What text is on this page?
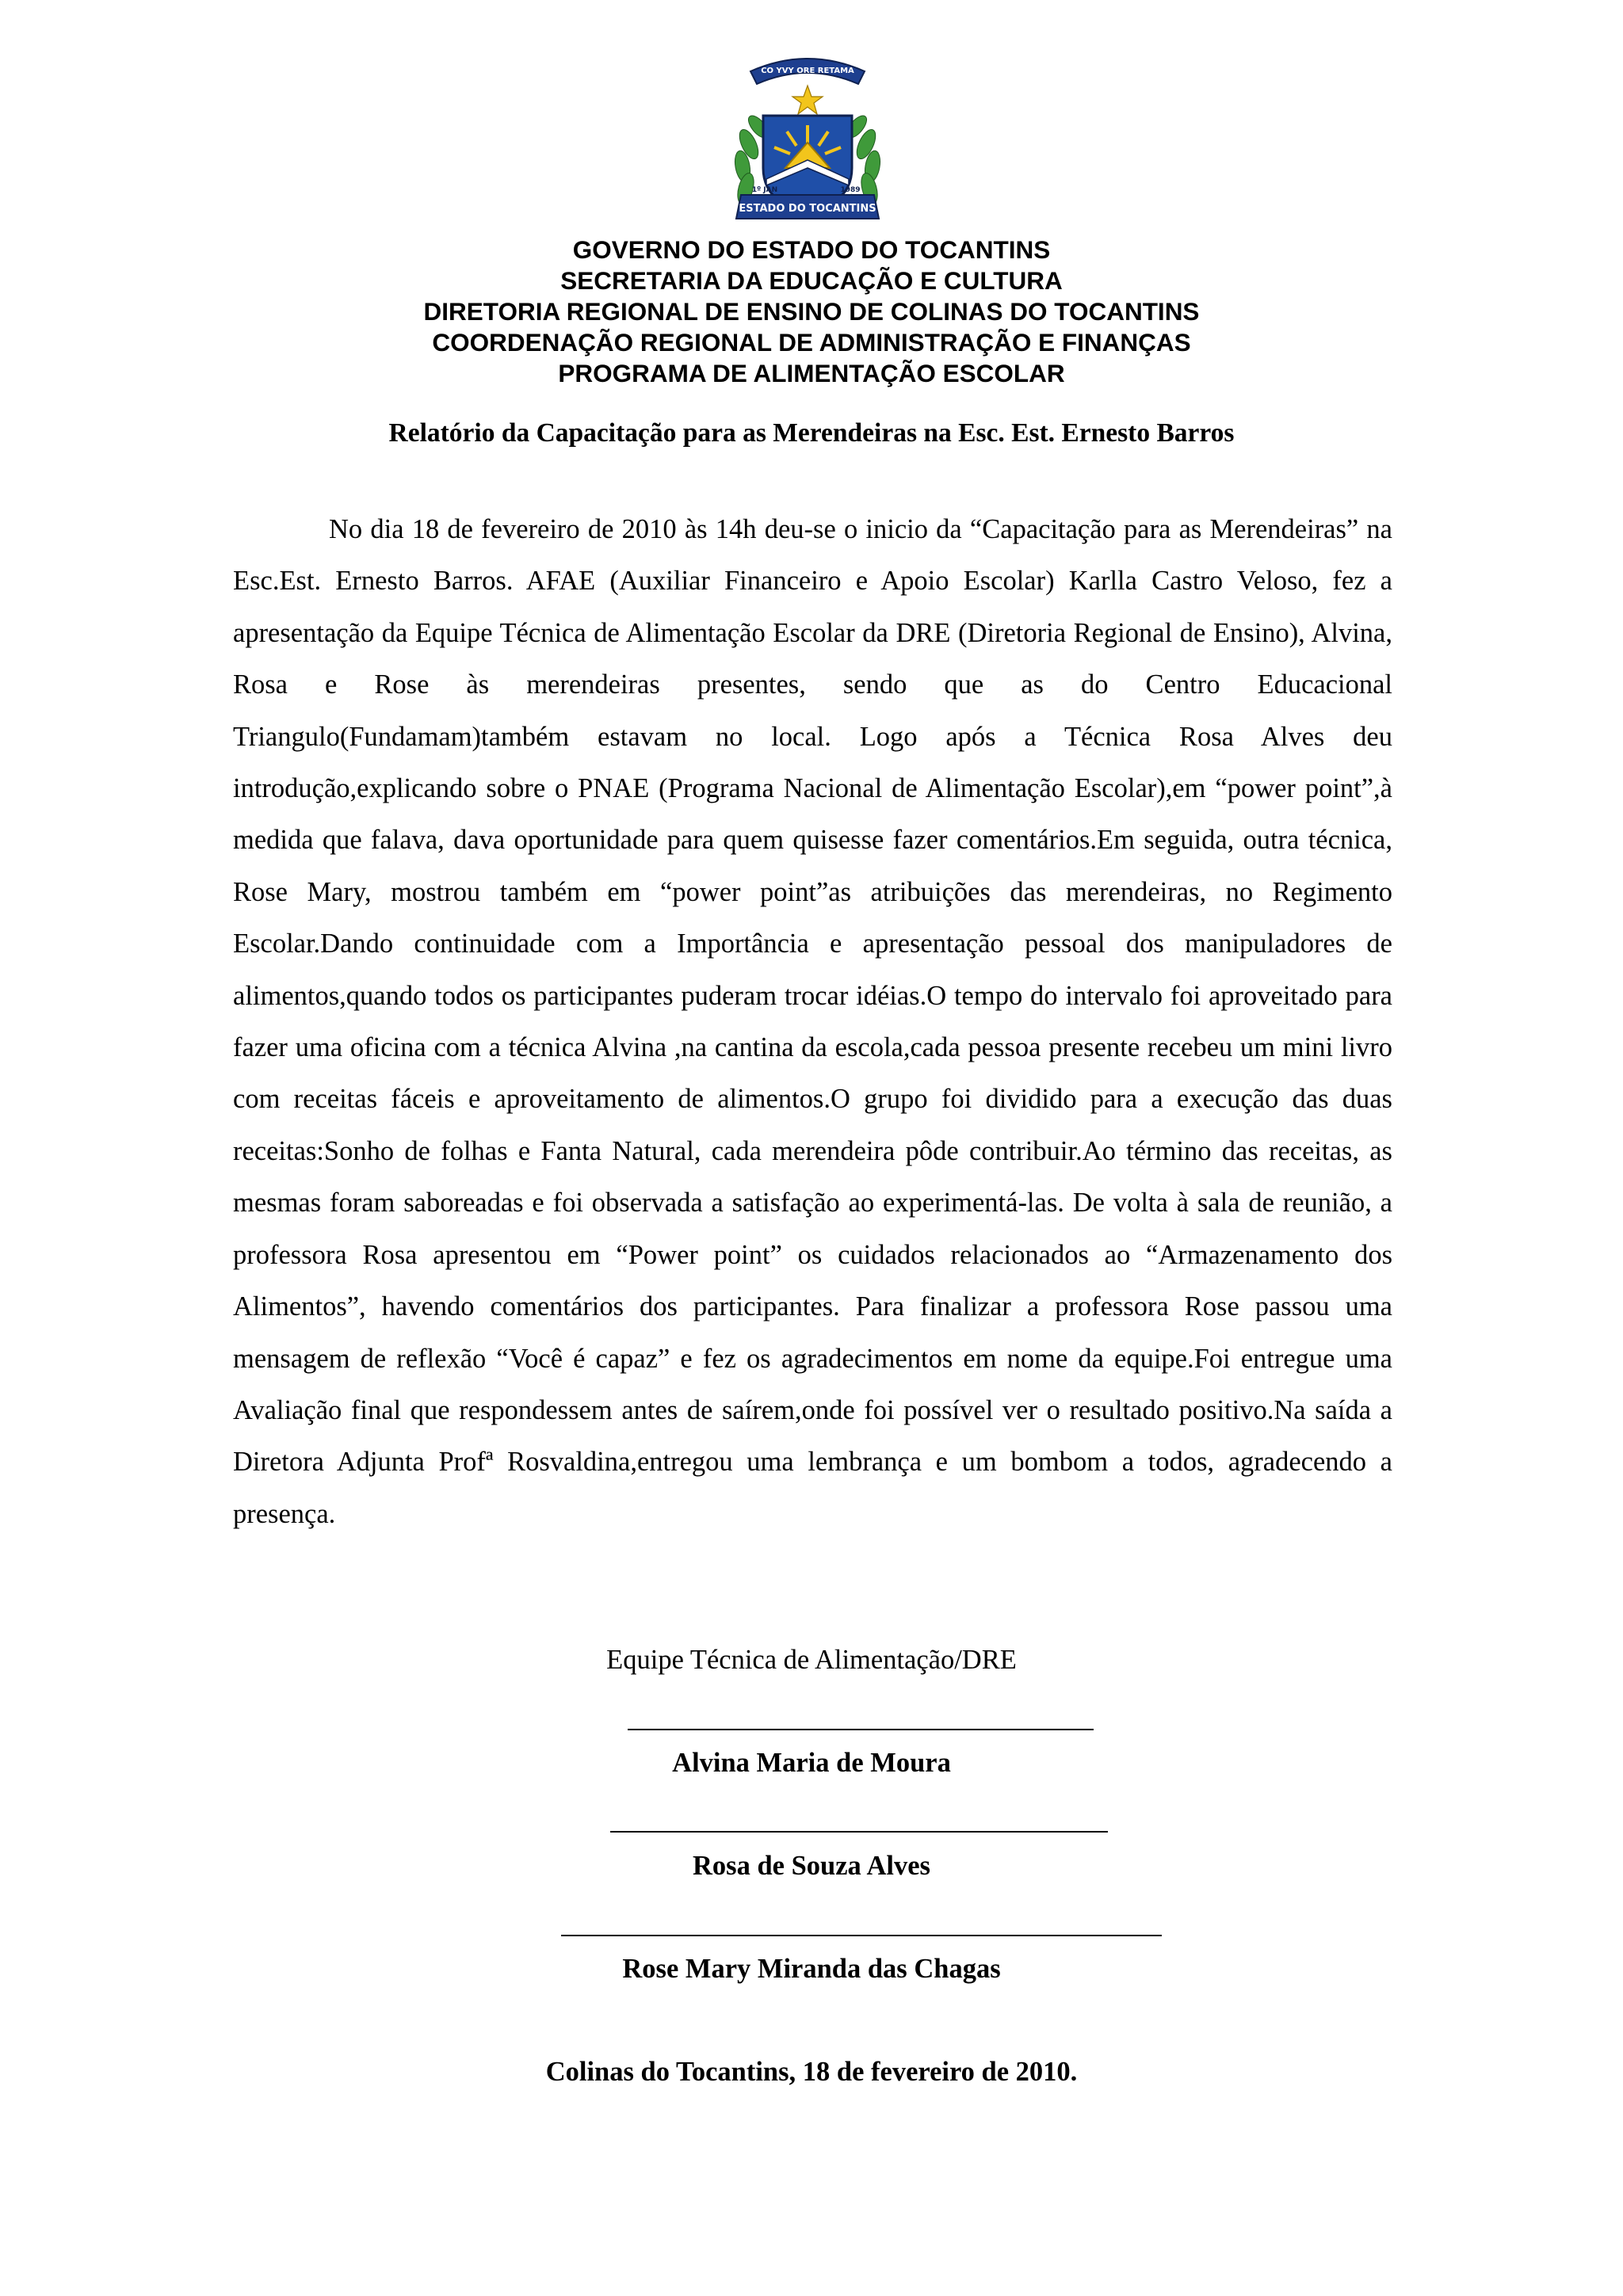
CO YVY ORE RETAMA
1º JAN	1989
ESTADO DO TOCANTINS
GOVERNO DO ESTADO DO TOCANTINS
SECRETARIA DA EDUCAÇÃO E CULTURA
DIRETORIA REGIONAL DE ENSINO DE COLINAS DO TOCANTINS
COORDENAÇÃO REGIONAL DE ADMINISTRAÇÃO E FINANÇAS
PROGRAMA DE ALIMENTAÇÃO ESCOLAR
Relatório da Capacitação para as Merendeiras na Esc. Est. Ernesto Barros

No dia 18 de fevereiro de 2010 às 14h deu-se o inicio da “Capacitação para as Merendeiras” na Esc.Est. Ernesto Barros. AFAE (Auxiliar Financeiro e Apoio Escolar) Karlla Castro Veloso, fez a apresentação da Equipe Técnica de Alimentação Escolar da DRE (Diretoria Regional de Ensino), Alvina, Rosa e Rose às merendeiras presentes, sendo que as do Centro Educacional Triangulo(Fundamam)também estavam no local. Logo após a Técnica Rosa Alves deu introdução,explicando sobre o PNAE (Programa Nacional de Alimentação Escolar),em “power point”,à medida que falava, dava oportunidade para quem quisesse fazer comentários.Em seguida, outra técnica, Rose Mary, mostrou também em “power point”as atribuições das merendeiras, no Regimento Escolar.Dando continuidade com a Importância e apresentação pessoal dos manipuladores de alimentos,quando todos os participantes puderam trocar idéias.O tempo do intervalo foi aproveitado para fazer uma oficina com a técnica Alvina ,na cantina da escola,cada pessoa presente recebeu um mini livro com receitas fáceis e aproveitamento de alimentos.O grupo foi dividido para a execução das duas receitas:Sonho de folhas e Fanta Natural, cada merendeira pôde contribuir.Ao término das receitas, as mesmas foram saboreadas e foi observada a satisfação ao experimentá-las. De volta à sala de reunião, a professora Rosa apresentou em “Power point” os cuidados relacionados ao “Armazenamento dos Alimentos”, havendo comentários dos participantes. Para finalizar a professora Rose passou uma mensagem de reflexão “Você é capaz” e fez os agradecimentos em nome da equipe.Foi entregue uma Avaliação final que respondessem antes de saírem,onde foi possível ver o resultado positivo.Na saída a Diretora Adjunta Profª Rosvaldina,entregou uma lembrança e um bombom a todos, agradecendo a presença.

Equipe Técnica de Alimentação/DRE
Alvina Maria de Moura
Rosa de Souza Alves
Rose Mary Miranda das Chagas
Colinas do Tocantins, 18 de fevereiro de 2010.
